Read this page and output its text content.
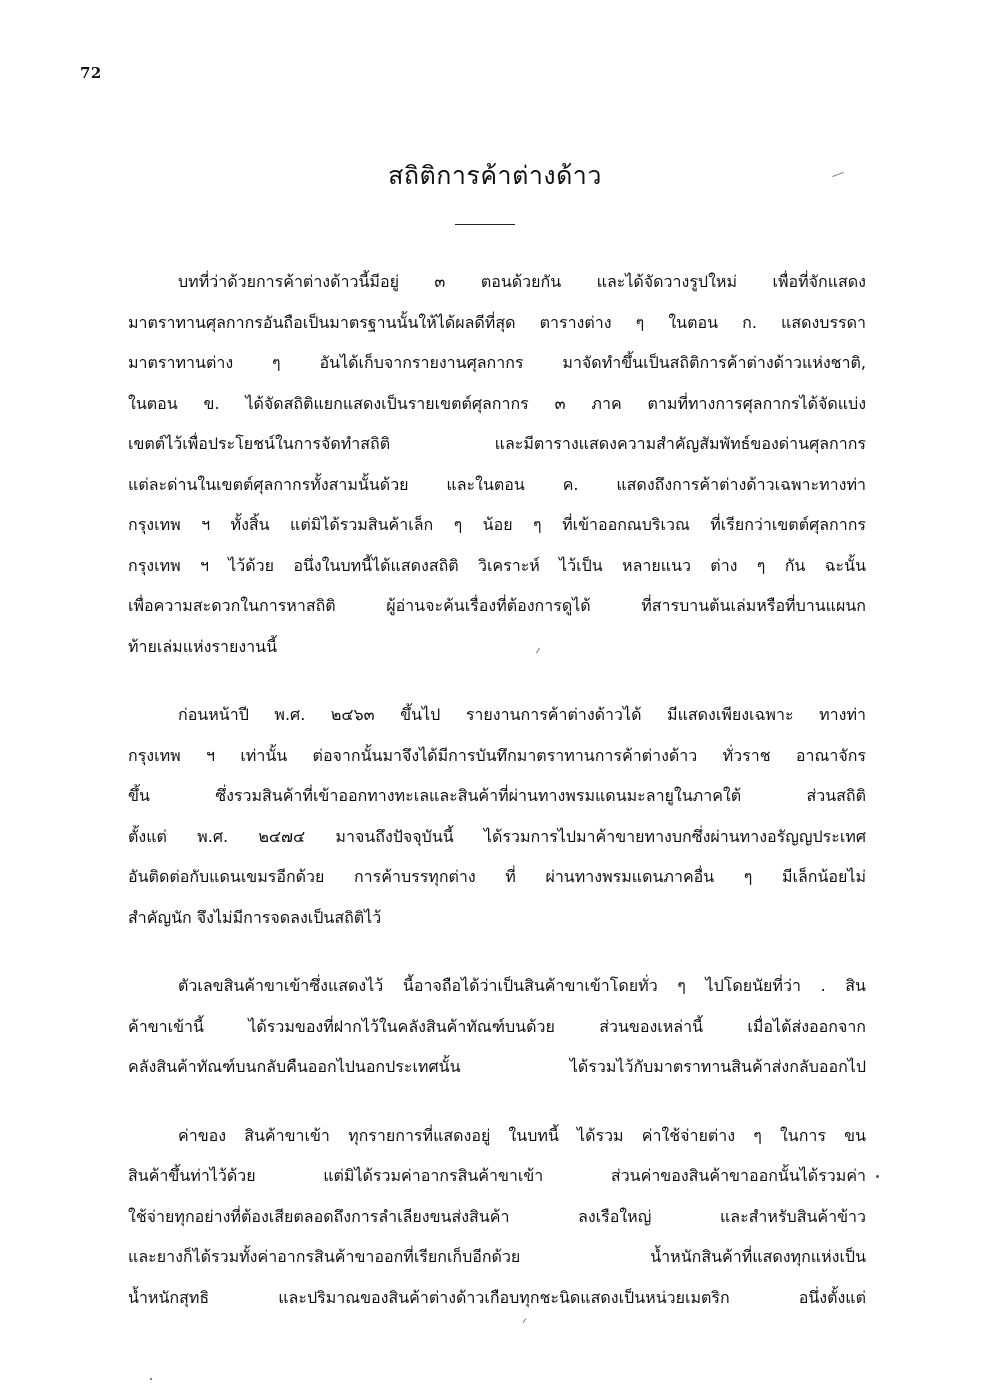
72
สถิติการค้าต่างด้าว

บทที่ว่าด้วยการค้าต่างด้าวนี้มีอยู่ ๓ ตอนด้วยกัน และได้จัดวางรูปใหม่ เพื่อที่จักแสดง
มาตราทานศุลกากรอันถือเป็นมาตรฐานนั้นให้ได้ผลดีที่สุด ตารางต่าง ๆ ในตอน ก. แสดงบรรดา
มาตราทานต่าง ๆ อันได้เก็บจากรายงานศุลกากร มาจัดทำขึ้นเป็นสถิติการค้าต่างด้าวแห่งชาติ,
ในตอน ข. ได้จัดสถิติแยกแสดงเป็นรายเขตต์ศุลกากร ๓ ภาค ตามที่ทางการศุลกากรได้จัดแบ่ง
เขตต์ไว้เพื่อประโยชน์ในการจัดทำสถิติ และมีตารางแสดงความสำคัญสัมพัทธ์ของด่านศุลกากร
แต่ละด่านในเขตต์ศุลกากรทั้งสามนั้นด้วย และในตอน ค. แสดงถึงการค้าต่างด้าวเฉพาะทางท่า
กรุงเทพ ฯ ทั้งสิ้น แต่มิได้รวมสินค้าเล็ก ๆ น้อย ๆ ที่เข้าออกณบริเวณ ที่เรียกว่าเขตต์ศุลกากร
กรุงเทพ ฯ ไว้ด้วย อนึ่งในบทนี้ได้แสดงสถิติ วิเคราะห์ ไว้เป็น หลายแนว ต่าง ๆ กัน ฉะนั้น
เพื่อความสะดวกในการหาสถิติ ผู้อ่านจะค้นเรื่องที่ต้องการดูได้ ที่สารบานต้นเล่มหรือที่บานแผนก
ท้ายเล่มแห่งรายงานนี้

ก่อนหน้าปี พ.ศ. ๒๔๖๓ ขึ้นไป รายงานการค้าต่างด้าวได้ มีแสดงเพียงเฉพาะ ทางท่า
กรุงเทพ ฯ เท่านั้น ต่อจากนั้นมาจึงได้มีการบันทึกมาตราทานการค้าต่างด้าว ทั่วราช อาณาจักร
ขึ้น ซึ่งรวมสินค้าที่เข้าออกทางทะเลและสินค้าที่ผ่านทางพรมแดนมะลายูในภาคใต้ ส่วนสถิติ
ตั้งแต่ พ.ศ. ๒๔๗๔ มาจนถึงปัจจุบันนี้ ได้รวมการไปมาค้าขายทางบกซึ่งผ่านทางอรัญญประเทศ
อันติดต่อกับแดนเขมรอีกด้วย การค้าบรรทุกต่าง ที่ ผ่านทางพรมแดนภาคอื่น ๆ มีเล็กน้อยไม่
สำคัญนัก จึงไม่มีการจดลงเป็นสถิติไว้

ตัวเลขสินค้าขาเข้าซึ่งแสดงไว้ นี้อาจถือได้ว่าเป็นสินค้าขาเข้าโดยทั่ว ๆ ไปโดยนัยที่ว่า . สิน
ค้าขาเข้านี้ ได้รวมของที่ฝากไว้ในคลังสินค้าทัณฑ์บนด้วย ส่วนของเหล่านี้ เมื่อได้ส่งออกจาก
คลังสินค้าทัณฑ์บนกลับคืนออกไปนอกประเทศนั้น ได้รวมไว้กับมาตราทานสินค้าส่งกลับออกไป

ค่าของ สินค้าขาเข้า ทุกรายการที่แสดงอยู่ ในบทนี้ ได้รวม ค่าใช้จ่ายต่าง ๆ ในการ ขน
สินค้าขึ้นท่าไว้ด้วย แต่มิได้รวมค่าอากรสินค้าขาเข้า ส่วนค่าของสินค้าขาออกนั้นได้รวมค่า
ใช้จ่ายทุกอย่างที่ต้องเสียตลอดถึงการลำเลียงขนส่งสินค้า ลงเรือใหญ่ และสำหรับสินค้าข้าว
และยางก็ได้รวมทั้งค่าอากรสินค้าขาออกที่เรียกเก็บอีกด้วย น้ำหนักสินค้าที่แสดงทุกแห่งเป็น
น้ำหนักสุทธิ และปริมาณของสินค้าต่างด้าวเกือบทุกชะนิดแสดงเป็นหน่วยเมตริก อนึ่งตั้งแต่
